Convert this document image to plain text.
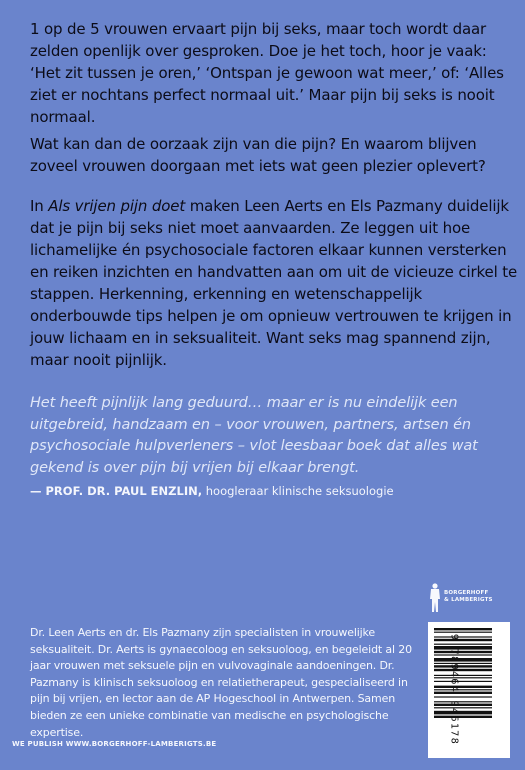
1 op de 5 vrouwen ervaart pijn bij seks, maar toch wordt daar zelden openlijk over gesproken. Doe je het toch, hoor je vaak: ‘Het zit tussen je oren,’ ‘Ontspan je gewoon wat meer,’ of: ‘Alles ziet er nochtans perfect normaal uit.’ Maar pijn bij seks is nooit normaal.
Wat kan dan de oorzaak zijn van die pijn? En waarom blijven zoveel vrouwen doorgaan met iets wat geen plezier oplevert?
In Als vrijen pijn doet maken Leen Aerts en Els Pazmany duidelijk dat je pijn bij seks niet moet aanvaarden. Ze leggen uit hoe lichamelijke én psychosociale factoren elkaar kunnen versterken en reiken inzichten en handvatten aan om uit de vicieuze cirkel te stappen. Herkenning, erkenning en wetenschappelijk onderbouwde tips helpen je om opnieuw vertrouwen te krijgen in jouw lichaam en in seksualiteit. Want seks mag spannend zijn, maar nooit pijnlijk.
Het heeft pijnlijk lang geduurd… maar er is nu eindelijk een uitgebreid, handzaam en – voor vrouwen, partners, artsen én psychosociale hulpverleners – vlot leesbaar boek dat alles wat gekend is over pijn bij vrijen bij elkaar brengt.
— PROF. DR. PAUL ENZLIN, hoogleraar klinische seksuologie
BORGERHOFF
& LAMBERIGTS
Dr. Leen Aerts en dr. Els Pazmany zijn specialisten in vrouwelijke seksualiteit. Dr. Aerts is gynaecoloog en seksuoloog, en begeleidt al 20 jaar vrouwen met seksuele pijn en vulvovaginale aandoeningen. Dr. Pazmany is klinisch seksuoloog en relatietherapeut, gespecialiseerd in pijn bij vrijen, en lector aan de AP Hogeschool in Antwerpen. Samen bieden ze een unieke combinatie van medische en psychologische expertise.	9 789464 946178
WE PUBLISH WWW.BORGERHOFF-LAMBERIGTS.BE
